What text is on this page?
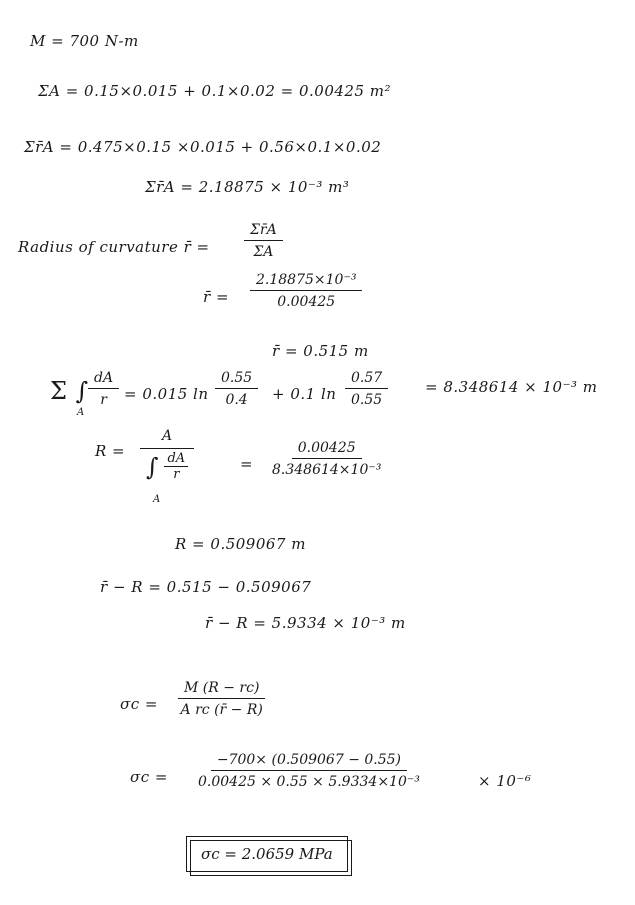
M = 700 N-m
ΣA = 0.15×0.015 + 0.1×0.02 = 0.00425 m²
Σr̄A = 0.475×0.15 ×0.015 + 0.56×0.1×0.02
Σr̄A = 2.18875 × 10⁻³ m³
Radius of curvature r̄ = $\frac{\Sigma r̄A}{\Sigma A}$
r̄ = $\frac{\text{2.18875×10⁻³}}{0.00425}$
r̄ = 0.515 m
Σ ∫
A
$\frac{dA}{r} = 0.015$ $\ln \frac{0.55}{0.4} + 0.1$ $\ln \frac{0.57}{0.55} = 8.348614 \times 10^{-3}$ m
$R = \frac{A}{\int \frac{dA}{r}}$
A
= $\frac{0.00425}{\text{8.348614×10⁻³}}$
R = 0.509067 m
r̄ − R = 0.515 − 0.509067
r̄ − R = 5.9334 × 10⁻³ m
$\sigma c = \frac{M (R - rc)}{\text{A rc (r̄ − R)}}$
$\sigma c = \frac{-700\times (0.509067 - 0.55)}{\text{0.00425 × 0.55 × 5.9334×10⁻³}}$	× 10⁻⁶
σc = 2.0659 MPa
